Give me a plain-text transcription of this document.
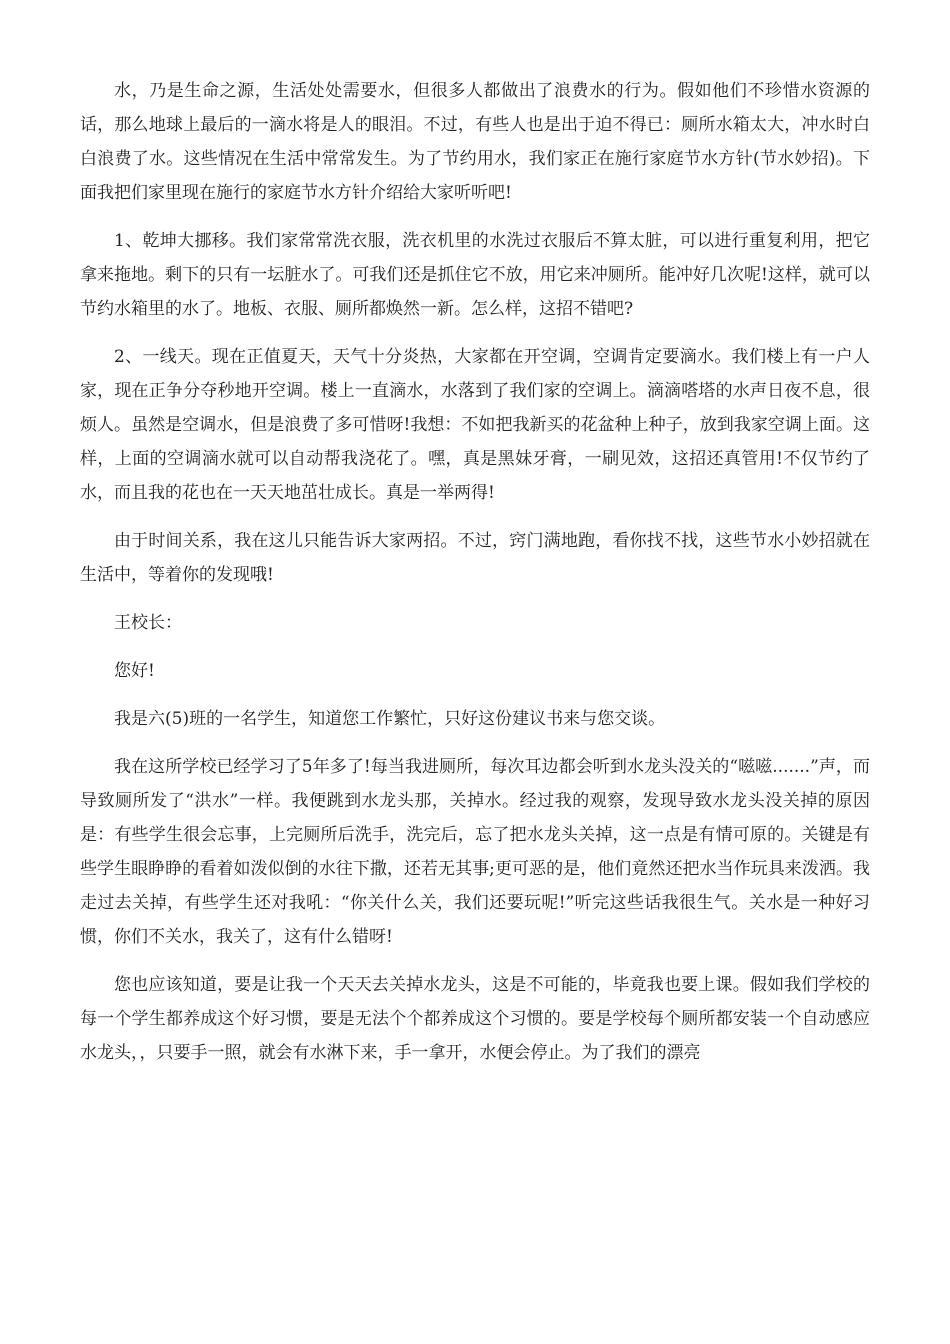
水，乃是生命之源，生活处处需要水，但很多人都做出了浪费水的行为。假如他们不珍惜水资源的话，那么地球上最后的一滴水将是人的眼泪。不过，有些人也是出于迫不得已：厕所水箱太大，冲水时白白浪费了水。这些情况在生活中常常发生。为了节约用水，我们家正在施行家庭节水方针(节水妙招)。下面我把们家里现在施行的家庭节水方针介绍给大家听听吧!

1、乾坤大挪移。我们家常常洗衣服，洗衣机里的水洗过衣服后不算太脏，可以进行重复利用，把它拿来拖地。剩下的只有一坛脏水了。可我们还是抓住它不放，用它来冲厕所。能冲好几次呢!这样，就可以节约水箱里的水了。地板、衣服、厕所都焕然一新。怎么样，这招不错吧?

2、一线天。现在正值夏天，天气十分炎热，大家都在开空调，空调肯定要滴水。我们楼上有一户人家，现在正争分夺秒地开空调。楼上一直滴水，水落到了我们家的空调上。滴滴嗒塔的水声日夜不息，很烦人。虽然是空调水，但是浪费了多可惜呀!我想：不如把我新买的花盆种上种子，放到我家空调上面。这样，上面的空调滴水就可以自动帮我浇花了。嘿，真是黑妹牙膏，一刷见效，这招还真管用!不仅节约了水，而且我的花也在一天天地茁壮成长。真是一举两得!

由于时间关系，我在这儿只能告诉大家两招。不过，窍门满地跑，看你找不找，这些节水小妙招就在生活中，等着你的发现哦!

王校长：

您好!

我是六(5)班的一名学生，知道您工作繁忙，只好这份建议书来与您交谈。

我在这所学校已经学习了5年多了!每当我进厕所，每次耳边都会听到水龙头没关的“嗞嗞.......”声，而导致厕所发了“洪水”一样。我便跳到水龙头那，关掉水。经过我的观察，发现导致水龙头没关掉的原因是：有些学生很会忘事，上完厕所后洗手，洗完后，忘了把水龙头关掉，这一点是有情可原的。关键是有些学生眼睁睁的看着如泼似倒的水往下撒，还若无其事;更可恶的是，他们竟然还把水当作玩具来泼洒。我走过去关掉，有些学生还对我吼：“你关什么关，我们还要玩呢!”听完这些话我很生气。关水是一种好习惯，你们不关水，我关了，这有什么错呀!

您也应该知道，要是让我一个天天去关掉水龙头，这是不可能的，毕竟我也要上课。假如我们学校的每一个学生都养成这个好习惯，要是无法个个都养成这个习惯的。要是学校每个厕所都安装一个自动感应水龙头，，只要手一照，就会有水淋下来，手一拿开，水便会停止。为了我们的漂亮
